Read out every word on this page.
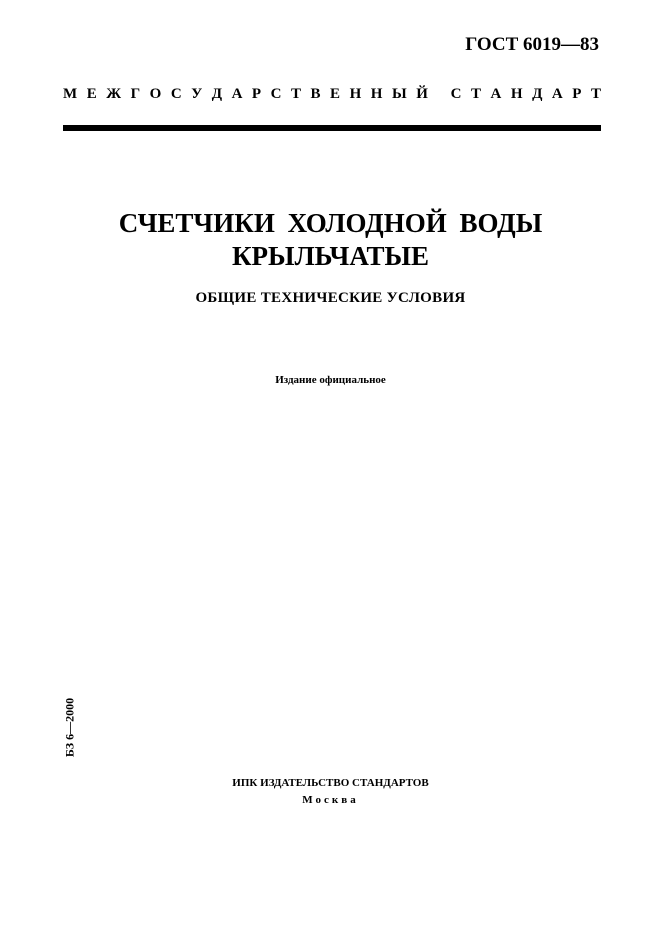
ГОСТ 6019—83
М Е Ж Г О С У Д А Р С Т В Е Н Н Ы Й
С Т А Н Д А Р Т
СЧЕТЧИКИ ХОЛОДНОЙ ВОДЫ
КРЫЛЬЧАТЫЕ
ОБЩИЕ ТЕХНИЧЕСКИЕ УСЛОВИЯ
Издание официальное
БЗ 6—2000
ИПК ИЗДАТЕЛЬСТВО СТАНДАРТОВ
Москва
